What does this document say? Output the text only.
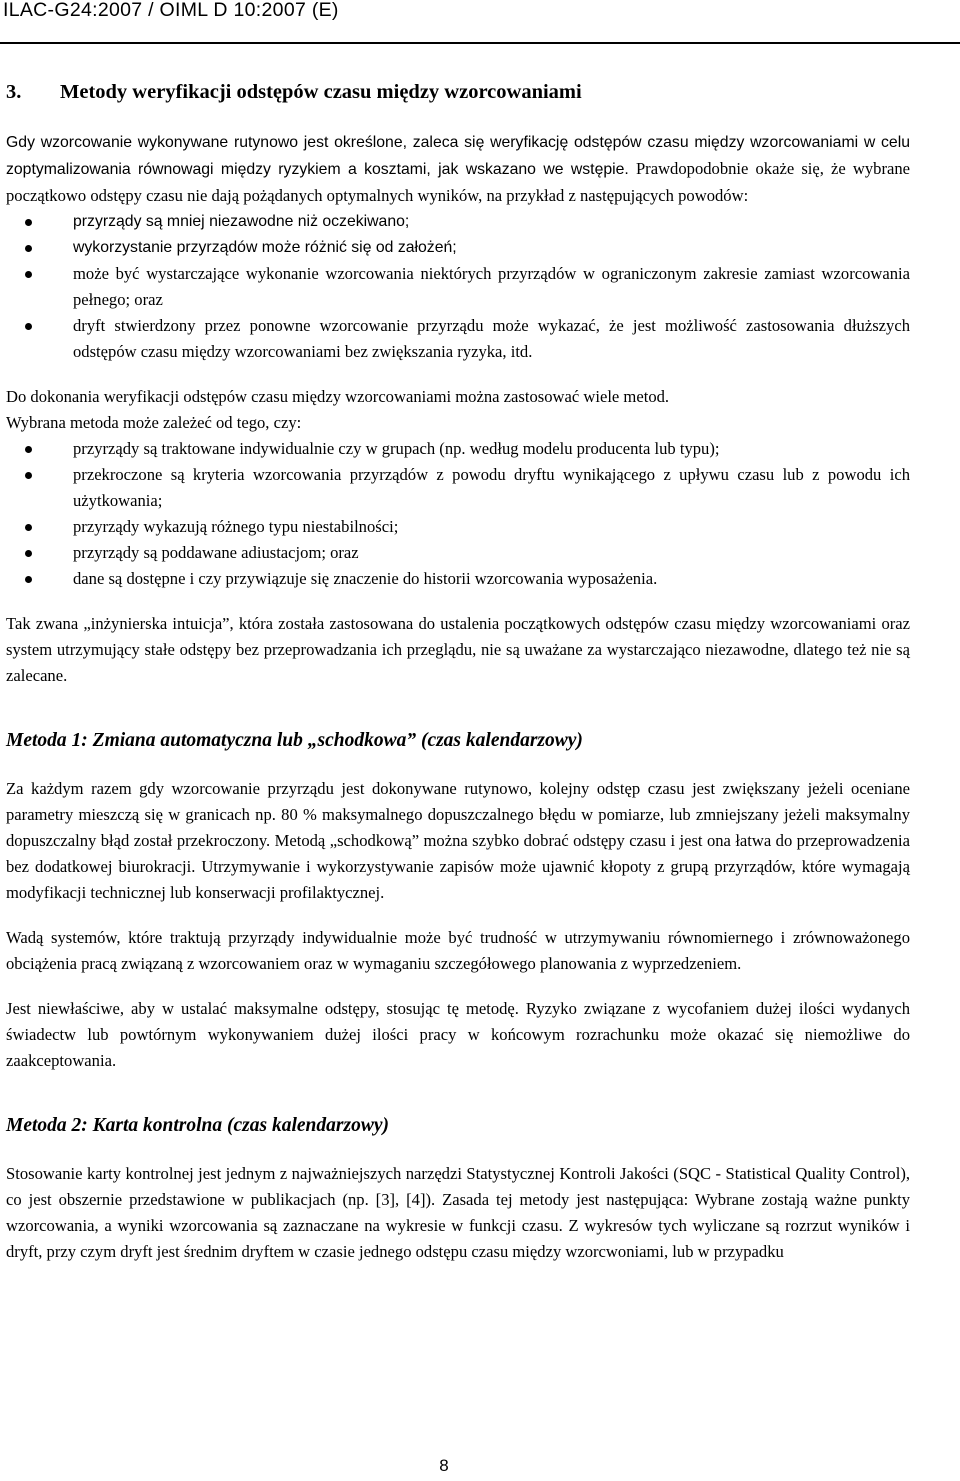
ILAC-G24:2007 / OIML D 10:2007 (E)
3.	Metody weryfikacji odstępów czasu między wzorcowaniami

Gdy wzorcowanie wykonywane rutynowo jest określone, zaleca się weryfikację odstępów czasu między wzorcowaniami w celu zoptymalizowania równowagi między ryzykiem a kosztami, jak wskazano we wstępie. Prawdopodobnie okaże się, że wybrane początkowo odstępy czasu nie dają pożądanych optymalnych wyników, na przykład z następujących powodów:

przyrządy są mniej niezawodne niż oczekiwano;
wykorzystanie przyrządów może różnić się od założeń;
może być wystarczające wykonanie wzorcowania niektórych przyrządów w ograniczonym zakresie zamiast wzorcowania pełnego; oraz
dryft stwierdzony przez ponowne wzorcowanie przyrządu może wykazać, że jest możliwość zastosowania dłuższych odstępów czasu między wzorcowaniami bez zwiększania ryzyka, itd.

Do dokonania weryfikacji odstępów czasu między wzorcowaniami można zastosować wiele metod.
Wybrana metoda może zależeć od tego, czy:

przyrządy są traktowane indywidualnie czy w grupach (np. według modelu producenta lub typu);
przekroczone są kryteria wzorcowania przyrządów z powodu dryftu wynikającego z upływu czasu lub z powodu ich użytkowania;
przyrządy wykazują różnego typu niestabilności;
przyrządy są poddawane adiustacjom; oraz
dane są dostępne i czy przywiązuje się znaczenie do historii wzorcowania wyposażenia.

Tak zwana „inżynierska intuicja”, która została zastosowana do ustalenia początkowych odstępów czasu między wzorcowaniami oraz system utrzymujący stałe odstępy bez przeprowadzania ich przeglądu, nie są uważane za wystarczająco niezawodne, dlatego też nie są zalecane.

Metoda 1: Zmiana automatyczna lub „schodkowa” (czas kalendarzowy)

Za każdym razem gdy wzorcowanie przyrządu jest dokonywane rutynowo, kolejny odstęp czasu jest zwiększany jeżeli oceniane parametry mieszczą się w granicach np. 80 % maksymalnego dopuszczalnego błędu w pomiarze, lub zmniejszany jeżeli maksymalny dopuszczalny błąd został przekroczony. Metodą „schodkową” można szybko dobrać odstępy czasu i jest ona łatwa do przeprowadzenia bez dodatkowej biurokracji. Utrzymywanie i wykorzystywanie zapisów może ujawnić kłopoty z grupą przyrządów, które wymagają modyfikacji technicznej lub konserwacji profilaktycznej.

Wadą systemów, które traktują przyrządy indywidualnie może być trudność w utrzymywaniu równomiernego i zrównoważonego obciążenia pracą związaną z wzorcowaniem oraz w wymaganiu szczegółowego planowania z wyprzedzeniem.

Jest niewłaściwe, aby w ustalać maksymalne odstępy, stosując tę metodę. Ryzyko związane z wycofaniem dużej ilości wydanych świadectw lub powtórnym wykonywaniem dużej ilości pracy w końcowym rozrachunku może okazać się niemożliwe do zaakceptowania.

Metoda 2: Karta kontrolna (czas kalendarzowy)

Stosowanie karty kontrolnej jest jednym z najważniejszych narzędzi Statystycznej Kontroli Jakości (SQC - Statistical Quality Control), co jest obszernie przedstawione w publikacjach (np. [3], [4]). Zasada tej metody jest następująca: Wybrane zostają ważne punkty wzorcowania, a wyniki wzorcowania są zaznaczane na wykresie w funkcji czasu. Z wykresów tych wyliczane są rozrzut wyników i dryft, przy czym dryft jest średnim dryftem w czasie jednego odstępu czasu między wzorcwoniami, lub w przypadku

8
